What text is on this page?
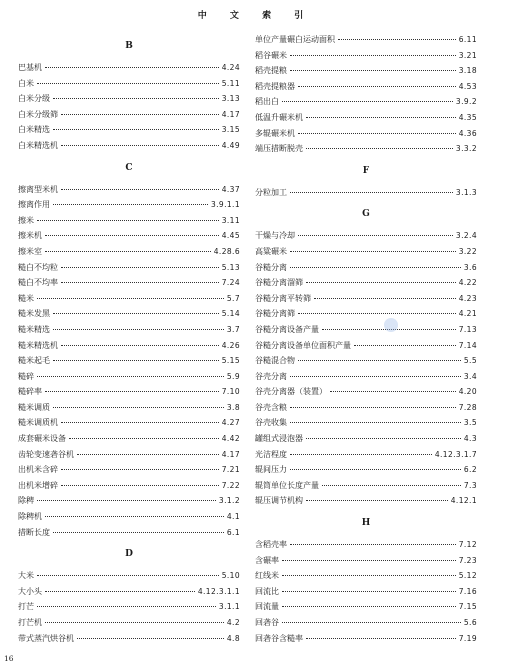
中 文 索 引
B
巴基机	4.24
白米	5.11
白米分级	3.13
白米分级筛	4.17
白米精选	3.15
白米精选机	4.49
C
擦离型米机	4.37
擦离作用	3.9.1.1
擦米	3.11
擦米机	4.45
擦米室	4.28.6
糙白不均粒	5.13
糙白不均率	7.24
糙米	5.7
糙米发黑	5.14
糙米精选	3.7
糙米精选机	4.26
糙米起毛	5.15
糙碎	5.9
糙碎率	7.10
糙米调质	3.8
糙米调质机	4.27
成套碾米设备	4.42
齿轮变速砻谷机	4.17
出机米含碎	7.21
出机米增碎	7.22
除稗	3.1.2
除稗机	4.1
措断长度	6.1
D
大米	5.10
大小头	4.12.3.1.1
打芒	3.1.1
打芒机	4.2
带式蒸汽烘谷机	4.8
单位产量碾白运动面积	6.11
稻谷碾米	3.21
稻壳提粮	3.18
稻壳提粮器	4.53
稻出白	3.9.2
低温升碾米机	4.35
多辊碾米机	4.36
端压措断脱壳	3.3.2
F
分粒加工	3.1.3
G
干燥与冷却	3.2.4
高粱碾米	3.22
谷糙分离	3.6
谷糙分离溜筛	4.22
谷糙分离平转筛	4.23
谷糙分离筛	4.21
谷糙分离设备产量	7.13
谷糙分离设备单位面积产量	7.14
谷糙混合物	5.5
谷壳分离	3.4
谷壳分离器（装置）	4.20
谷壳含粮	7.28
谷壳收集	3.5
罐组式浸泡器	4.3
光洁程度	4.12.3.1.7
辊间压力	6.2
辊筒单位长度产量	7.3
辊压调节机构	4.12.1
H
含稻壳率	7.12
含碾率	7.23
红线米	5.12
回流比	7.16
回流量	7.15
回砻谷	5.6
回砻谷含糙率	7.19
16
